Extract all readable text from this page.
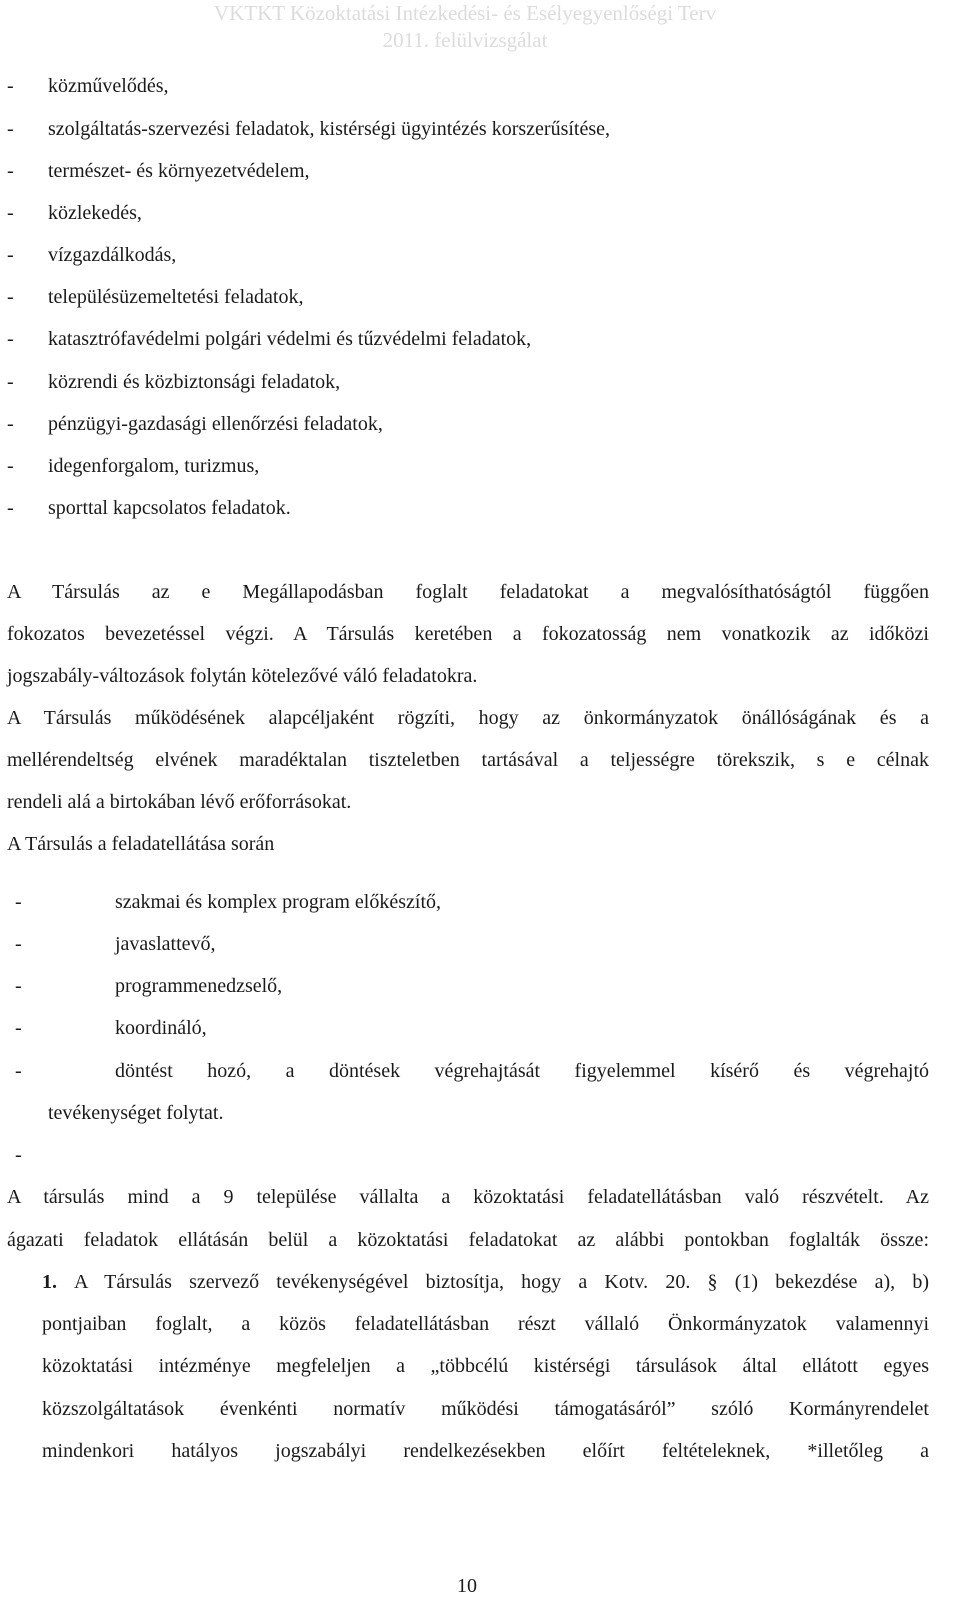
VKTKT Közoktatási Intézkedési- és Esélyegyenlőségi Terv
2011. felülvizsgálat
- közművelődés,
- szolgáltatás-szervezési feladatok, kistérségi ügyintézés korszerűsítése,
- természet- és környezetvédelem,
- közlekedés,
- vízgazdálkodás,
- településüzemeltetési feladatok,
- katasztrófavédelmi polgári védelmi és tűzvédelmi feladatok,
- közrendi és közbiztonsági feladatok,
- pénzügyi-gazdasági ellenőrzési feladatok,
- idegenforgalom, turizmus,
- sporttal kapcsolatos feladatok.
A Társulás az e Megállapodásban foglalt feladatokat a megvalósíthatóságtól függően
fokozatos bevezetéssel végzi. A Társulás keretében a fokozatosság nem vonatkozik az időközi
jogszabály-változások folytán kötelezővé váló feladatokra.
A Társulás működésének alapcéljaként rögzíti, hogy az önkormányzatok önállóságának és a
mellérendeltség elvének maradéktalan tiszteletben tartásával a teljességre törekszik, s e célnak
rendeli alá a birtokában lévő erőforrásokat.
A Társulás a feladatellátása során
-	szakmai és komplex program előkészítő,
-	javaslattevő,
-	programmenedzselő,
-	koordináló,
-	döntést hozó, a döntések végrehajtását figyelemmel kísérő és végrehajtó
tevékenységet folytat.
-
A társulás mind a 9 települése vállalta a közoktatási feladatellátásban való részvételt. Az
ágazati feladatok ellátásán belül a közoktatási feladatokat az alábbi pontokban foglalták össze:
1. A Társulás szervező tevékenységével biztosítja, hogy a Kotv. 20. § (1) bekezdése a), b)
pontjaiban foglalt, a közös feladatellátásban részt vállaló Önkormányzatok valamennyi
közoktatási intézménye megfeleljen a „többcélú kistérségi társulások által ellátott egyes
közszolgáltatások évenkénti normatív működési támogatásáról” szóló Kormányrendelet
mindenkori hatályos jogszabályi rendelkezésekben előírt feltételeknek, *illetőleg a
10
